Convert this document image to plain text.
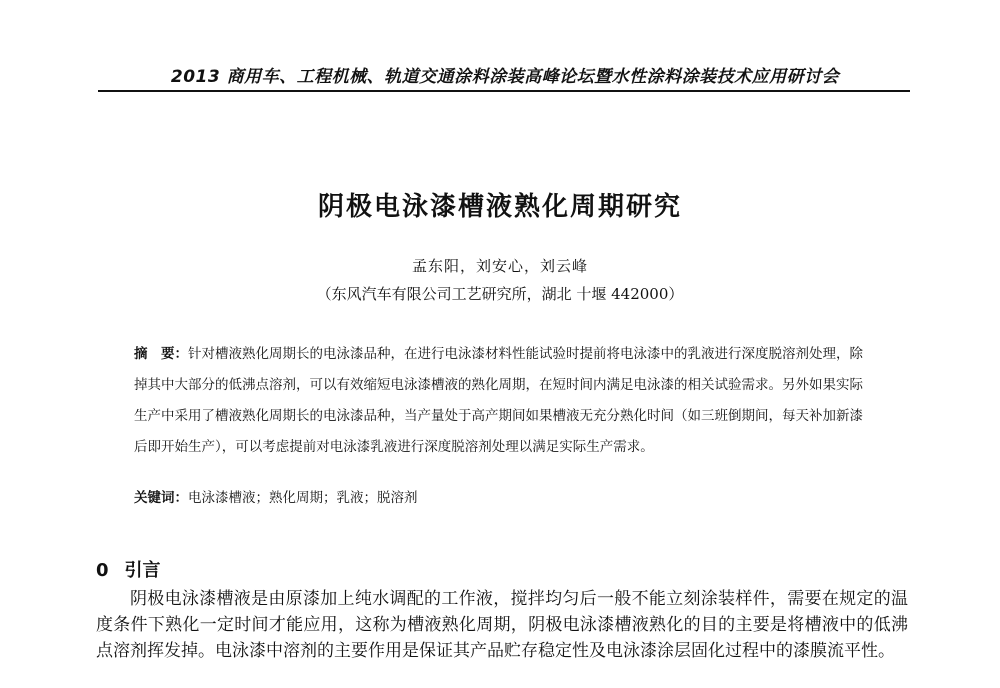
2013 商用车、工程机械、轨道交通涂料涂装高峰论坛暨水性涂料涂装技术应用研讨会
阴极电泳漆槽液熟化周期研究
孟东阳，刘安心，刘云峰
（东风汽车有限公司工艺研究所，湖北 十堰 442000）
摘　要：针对槽液熟化周期长的电泳漆品种，在进行电泳漆材料性能试验时提前将电泳漆中的乳液进行深度脱溶剂处理，除掉其中大部分的低沸点溶剂，可以有效缩短电泳漆槽液的熟化周期，在短时间内满足电泳漆的相关试验需求。另外如果实际生产中采用了槽液熟化周期长的电泳漆品种，当产量处于高产期间如果槽液无充分熟化时间（如三班倒期间，每天补加新漆后即开始生产），可以考虑提前对电泳漆乳液进行深度脱溶剂处理以满足实际生产需求。
关键词：电泳漆槽液；熟化周期；乳液；脱溶剂
0 引言
阴极电泳漆槽液是由原漆加上纯水调配的工作液，搅拌均匀后一般不能立刻涂装样件，需要在规定的温度条件下熟化一定时间才能应用，这称为槽液熟化周期，阴极电泳漆槽液熟化的目的主要是将槽液中的低沸点溶剂挥发掉。电泳漆中溶剂的主要作用是保证其产品贮存稳定性及电泳漆涂层固化过程中的漆膜流平性。
